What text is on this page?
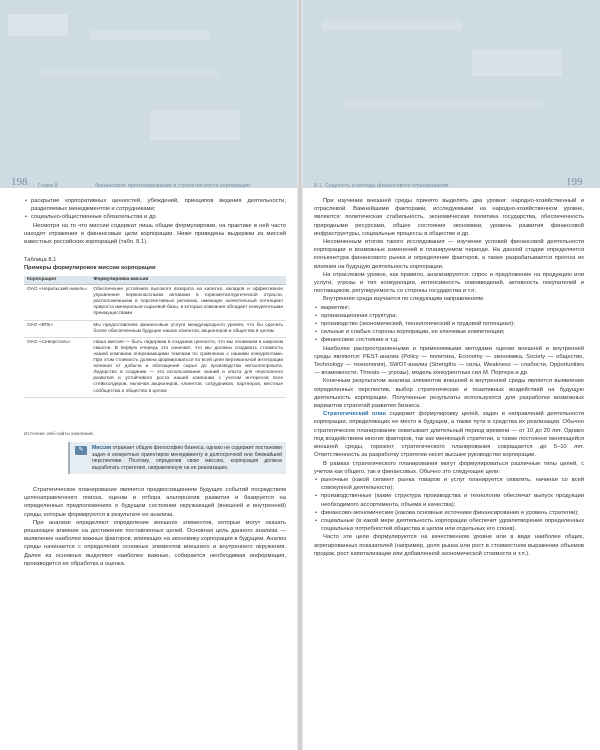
198 Глава 8	Финансовое прогнозирование и стратегия роста корпорации
• раскрытие корпоративных ценностей, убеждений, принципов ведения деятельности, разделяемых менеджментом и сотрудниками;
• социально-общественные обязательства и др.

Несмотря на то что миссии содержат лишь общие формулировки, на практике в ней часто находят отражение и финансовые цели корпорации. Ниже приведены выдержки из миссий известных российских корпораций (табл. 8.1).

Таблица 8.1
Примеры формулировок миссии корпорации
Корпорация	Формулировка миссии
ОАО «Норильский никель»	Обеспечение устойчиво высокого возврата на капитал, вкладов и эффективное управление первоклассными активами в горнометаллургической отрасли, расположенными в перспективных регионах, имеющих значительный потенциал прироста минерально-сырьевой базы, в которых компания обладает конкурентными преимуществами
ОАО «ВТБ»	Мы предоставляем финансовые услуги международного уровня, что бы сделать более обеспеченным будущее наших клиентов, акционеров и общества в целом
ОАО «Северсталь»	Наша миссия — быть лидерами в создании ценности, что мы понимаем в широком смысле. В первую очередь это означает, что мы должны создавать стоимость нашей компании опережающими темпами по сравнению с нашими конкурентами. При этом стоимость должна формироваться по всей цепи вертикальной интеграции начиная от добычи и обогащения сырья до производства металлопроката. Лидерство в создании — это использование знаний и опыта для неуклонного развития и устойчивого роста нашей компании с учетом интересов всех стейкхолдеров, включая акционеров, клиентов, сотрудников, партнеров, местные сообщества и общество в целом
Источник: веб-сайты компаний.
✎	Миссия отражает общую философию бизнеса, однако не содержит постановки задач и конкретных ориентиров менеджменту в долгосрочной или ближайшей перспективе. Поэтому, определив свою миссию, корпорация должна выработать стратегию, направленную на ее реализацию.

Стратегическое планирование является предвосхищением будущих событий посредством целенаправленного поиска, оценки и отбора альтернатив развития и базируется на определенных предположениях о будущем состоянии окружающей (внешней и внутренней) среды, которые формируются в результате ее анализа.

При анализе определяют определение внешних элементов, которые могут оказать решающее влияние на достижение поставленных целей. Основная цель данного анализа — выявление наиболее важных факторов, влияющих на экономику корпорации в будущем. Анализ среды начинается с определения основных элементов внешнего и внутреннего окружения. Далее из основных выделяют наиболее важные, собирается необходимая информация, производится ее обработка и оценка.

8.1. Сущность и методы финансового планирования	199

При изучении внешней среды принято выделять два уровня: народно-хозяйственный и отраслевой. Важнейшими факторами, исследуемыми на народно-хозяйственном уровне, являются: политическая стабильность, экономическая политика государства, обеспеченность природными ресурсами, общее состояние экономики, уровень развития финансовой инфраструктуры, социальные процессы в обществе и др.

Несомненным итогом такого исследования — изучение условий финансовой деятельности корпорации и возможных изменений в планируемом периоде. На данной стадии определяется конъюнктура финансового рынка и определение факторов, а также разрабатывается прогноз их влияния на будущую деятельность корпорации.

На отраслевом уровне, как правило, анализируются: спрос и предложение на продукцию или услуги, угрозы и тип конкуренции, интенсивность нововведений, активность покупателей и поставщиков, регулируемость со стороны государства и т.п.

Внутренняя среда изучается по следующим направлениям:

• маркетинг;
• организационная структура;
• производство (экономический, технологический и трудовой потенциал);
• сильные и слабые стороны корпорации, ее ключевые компетенции;
• финансовое состояние и т.д.

Наиболее распространенными и применяемыми методами оценки внешней и внутренней среды являются: PEST-анализ (Policy — политика, Economy — экономика, Society — общество, Technology — технология), SWOT-анализ (Strengths — силы, Weakness — слабости, Opportunities — возможности, Threats — угрозы), модель конкурентных сил М. Портера и др.

Конечным результатом анализа элементов внешней и внутренней среды является выявление определенных перспектив, выбор стратегических и позитивных воздействий на будущую деятельность корпорации. Полученные результаты используются для разработки возможных вариантов стратегий развития бизнеса.

Стратегический план содержит формулировку целей, задач и направлений деятельности корпорации, определяющих ее место в будущем, а также пути и средства их реализации. Обычно стратегическое планирование охватывает длительный период времени — от 10 до 20 лет. Однако под воздействием многих факторов, так как меняющей стратегии, а также постоянно меняющейся внешней среды, горизонт стратегического планирования сокращается до 5–10 лет. Ответственность за разработку стратегии несет высшее руководство корпорации.

В рамках стратегического планирования могут формулироваться различные типы целей, с учетом как общего, так и финансовых. Обычно это следующие цели:

• рыночные (какой сегмент рынка товаров и услуг планируется охватить, начиная со всей совокупной деятельности);
• производственные (какие структура производства и технологии обеспечат выпуск продукции необходимого ассортимента, объема и качества);
• финансово-экономические (какова основные источники финансирования и уровень стратегии);
• социальные (в какой мере деятельность корпорации обеспечит удовлетворение определенных социальных потребностей общества в целом или отдельных его слоев).

Часто эти цели формулируются на качественном уровне или в виде наиболее общих, агрегированных показателей (например, доля рынка или рост в стоимостном выражении объемов продаж, рост капитализации или добавленной экономической стоимости и т.п.).
